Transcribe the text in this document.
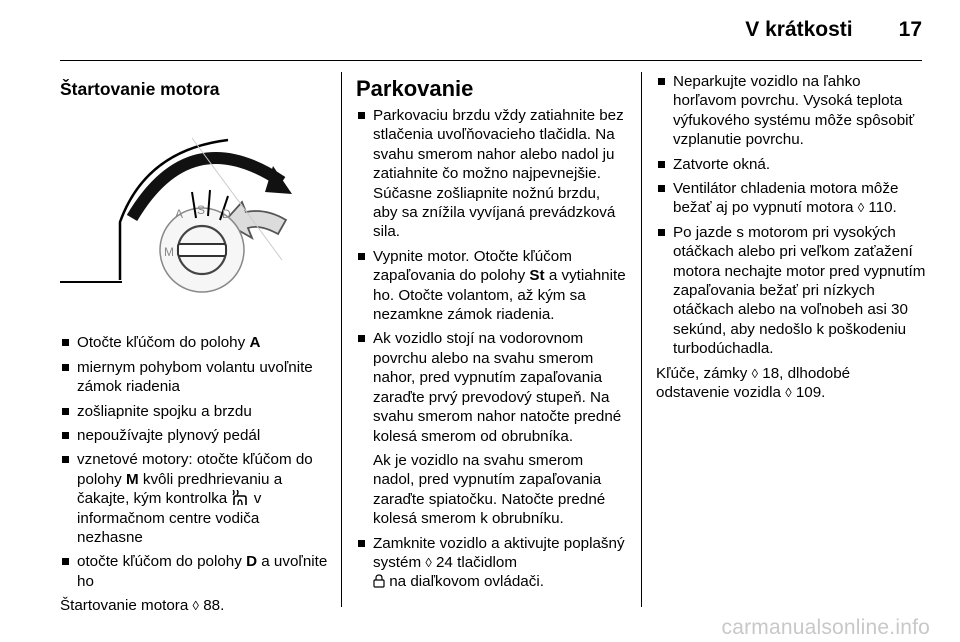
V krátkosti 17
Štartovanie motora
A S D
M
Otočte kľúčom do polohy A
miernym pohybom volantu uvoľnite zámok riadenia
zošliapnite spojku a brzdu
nepoužívajte plynový pedál
vznetové motory: otočte kľúčom do polohy M kvôli predhrievaniu a čakajte, kým kontrolka  v informačnom centre vodiča nezhasne
otočte kľúčom do polohy D a uvoľnite ho

Štartovanie motora ◊ 88.

Parkovanie
Parkovaciu brzdu vždy zatiahnite bez stlačenia uvoľňovacieho tlačidla. Na svahu smerom nahor alebo nadol ju zatiahnite čo možno najpevnejšie. Súčasne zošliapnite nožnú brzdu, aby sa znížila vyvíjaná prevádzková sila.
Vypnite motor. Otočte kľúčom zapaľovania do polohy St a vytiahnite ho. Otočte volantom, až kým sa nezamkne zámok riadenia.
Ak vozidlo stojí na vodorovnom povrchu alebo na svahu smerom nahor, pred vypnutím zapaľovania zaraďte prvý prevodový stupeň. Na svahu smerom nahor natočte predné kolesá smerom od obrubníka.

Ak je vozidlo na svahu smerom nadol, pred vypnutím zapaľovania zaraďte spiatočku. Natočte predné kolesá smerom k obrubníku.

Zamknite vozidlo a aktivujte poplašný systém ◊ 24 tlačidlom
na diaľkovom ovládači.
Neparkujte vozidlo na ľahko horľavom povrchu. Vysoká teplota výfukového systému môže spôsobiť vzplanutie povrchu.
Zatvorte okná.
Ventilátor chladenia motora môže bežať aj po vypnutí motora ◊ 110.
Po jazde s motorom pri vysokých otáčkach alebo pri veľkom zaťažení motora nechajte motor pred vypnutím zapaľovania bežať pri nízkych otáčkach alebo na voľnobeh asi 30 sekúnd, aby nedošlo k poškodeniu turbodúchadla.

Kľúče, zámky ◊ 18, dlhodobé odstavenie vozidla ◊ 109.

carmanualsonline.info
